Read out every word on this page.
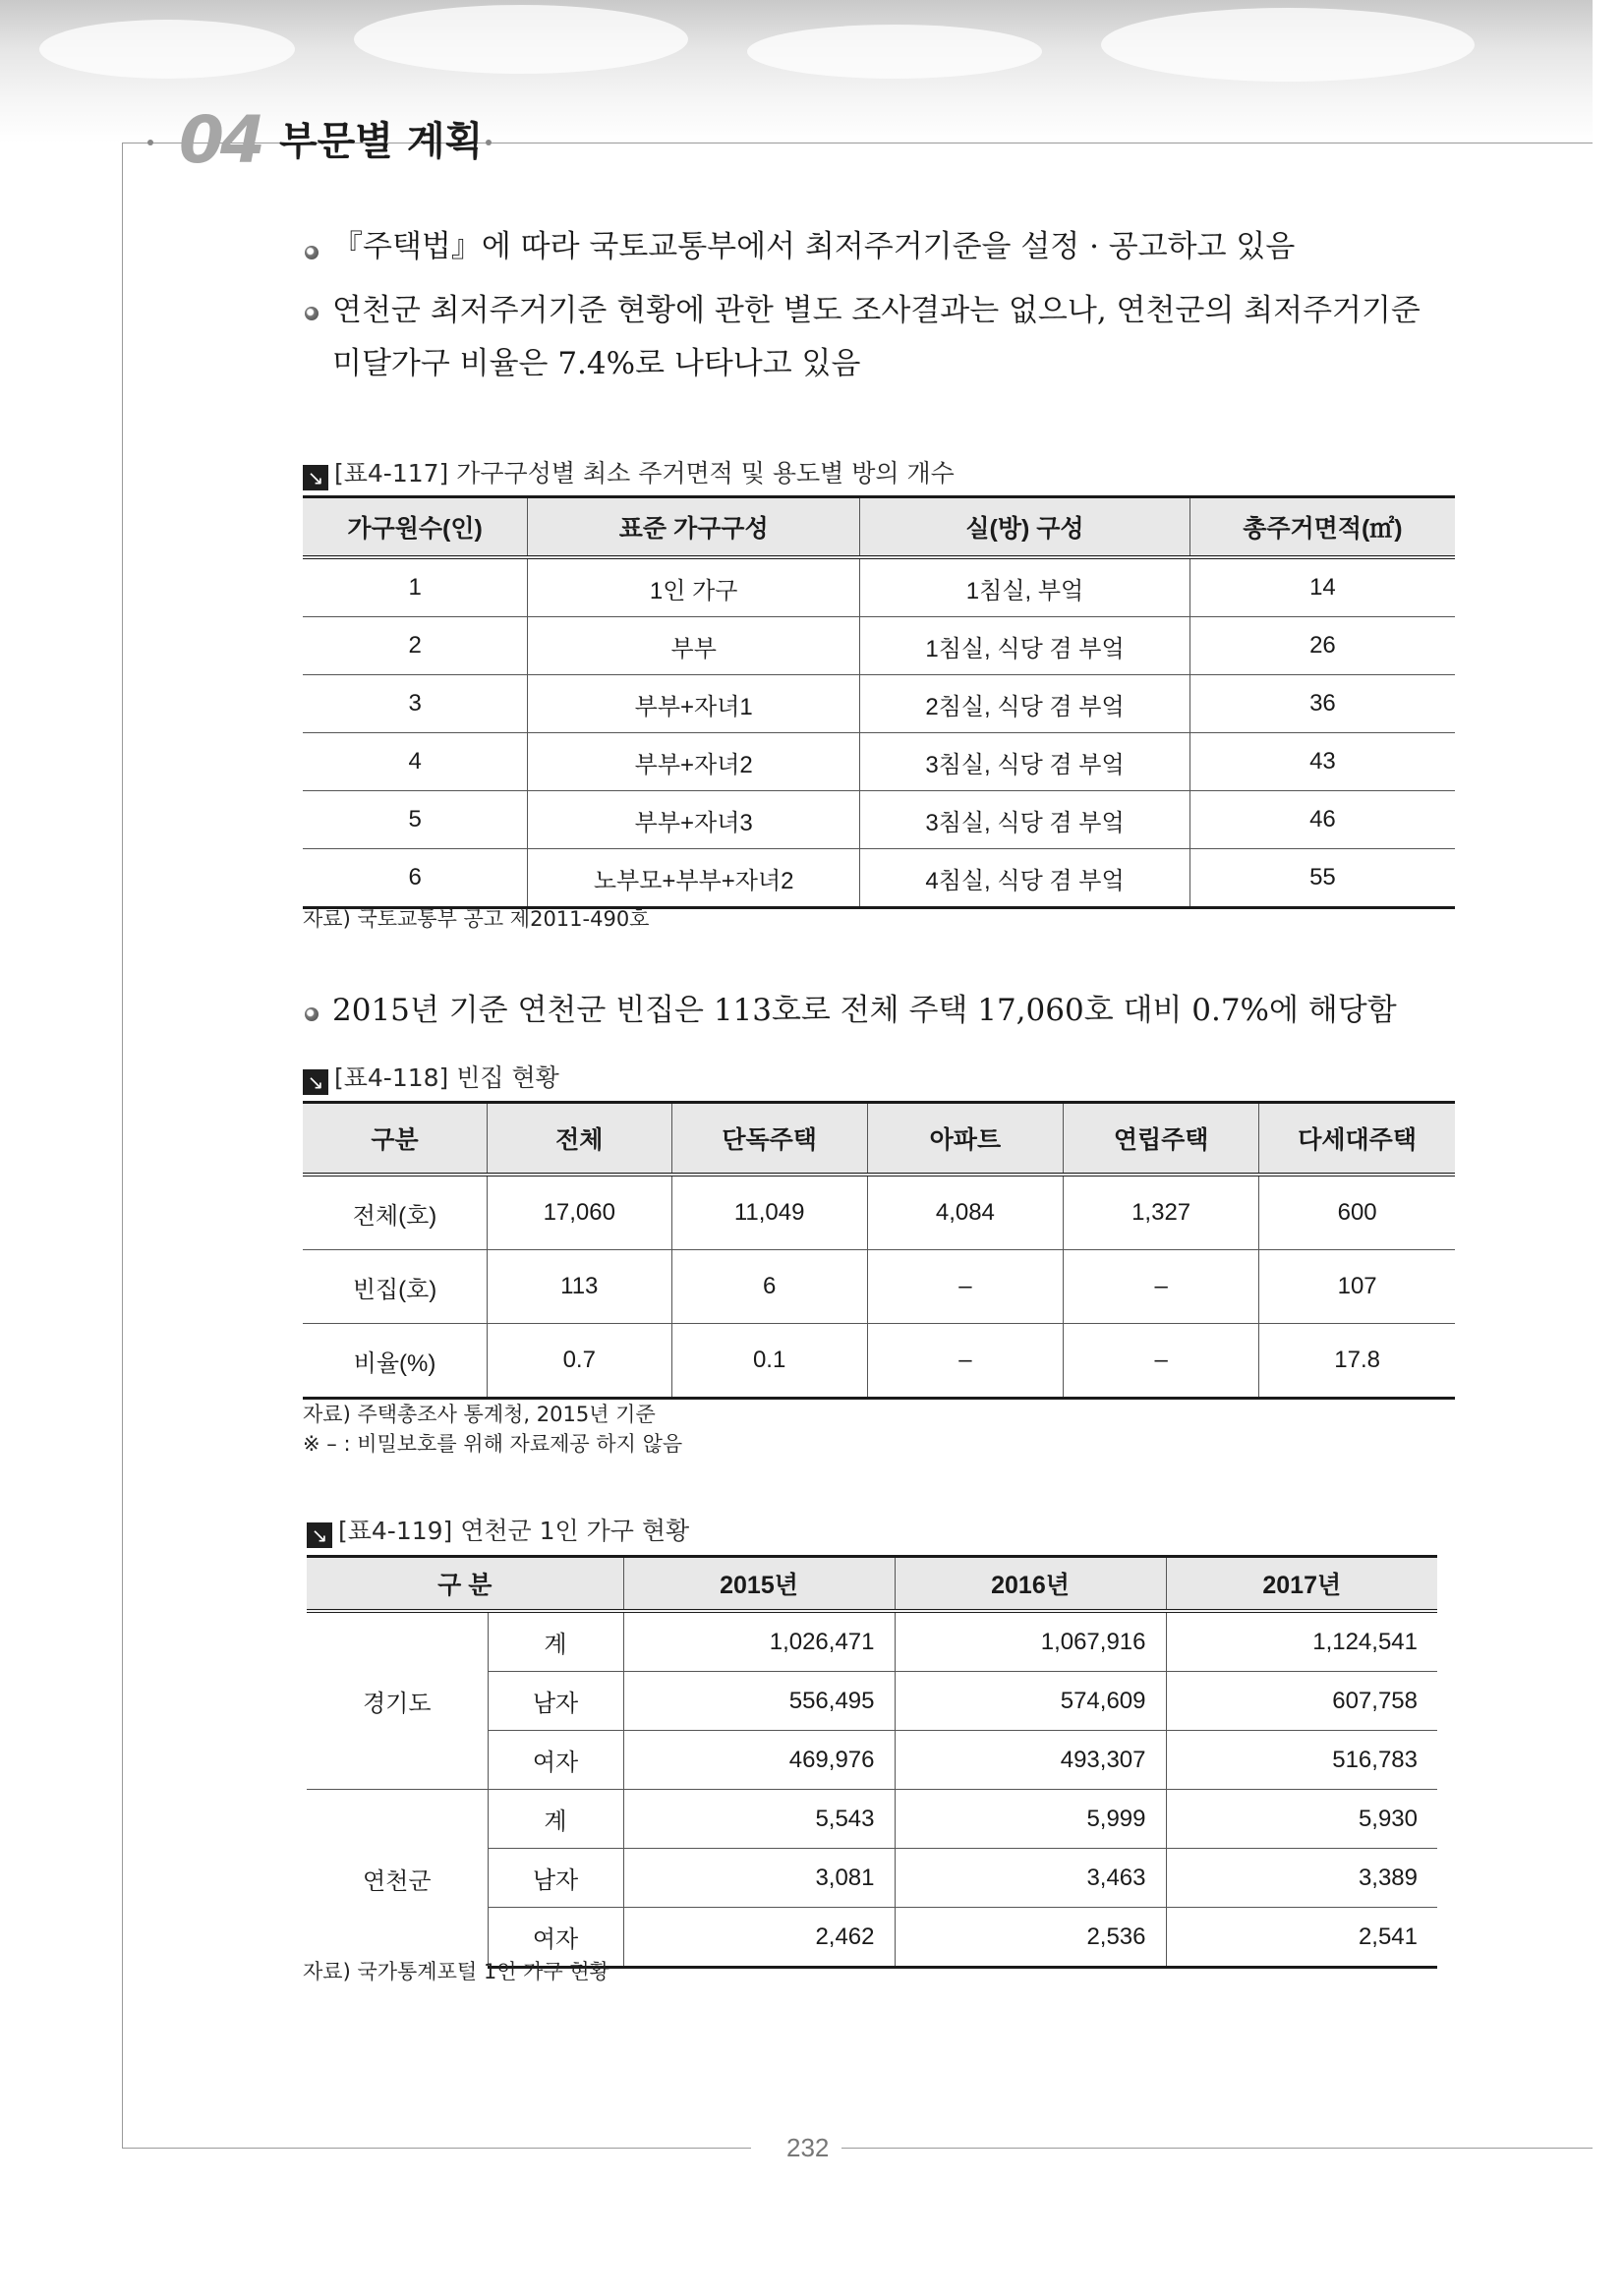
04 부문별 계획
『주택법』에 따라 국토교통부에서 최저주거기준을 설정 · 공고하고 있음
연천군 최저주거기준 현황에 관한 별도 조사결과는 없으나, 연천군의 최저주거기준
미달가구 비율은 7.4%로 나타나고 있음
↘ [표4-117] 가구구성별 최소 주거면적 및 용도별 방의 개수
가구원수(인)	표준 가구구성	실(방) 구성	총주거면적(㎡)
1	1인 가구	1침실, 부엌	14
2	부부	1침실, 식당 겸 부엌	26
3	부부+자녀1	2침실, 식당 겸 부엌	36
4	부부+자녀2	3침실, 식당 겸 부엌	43
5	부부+자녀3	3침실, 식당 겸 부엌	46
6	노부모+부부+자녀2	4침실, 식당 겸 부엌	55
자료) 국토교통부 공고 제2011-490호
2015년 기준 연천군 빈집은 113호로 전체 주택 17,060호 대비 0.7%에 해당함
↘ [표4-118] 빈집 현황
구분	전체	단독주택	아파트	연립주택	다세대주택
전체(호)	17,060	11,049	4,084	1,327	600
빈집(호)	113	6	–	–	107
비율(%)	0.7	0.1	–	–	17.8
자료) 주택총조사 통계청, 2015년 기준
※ – : 비밀보호를 위해 자료제공 하지 않음
↘ [표4-119] 연천군 1인 가구 현황
구 분		2015년	2016년	2017년
경기도	계	1,026,471	1,067,916	1,124,541
	남자	556,495	574,609	607,758
	여자	469,976	493,307	516,783
연천군	계	5,543	5,999	5,930
	남자	3,081	3,463	3,389
	여자	2,462	2,536	2,541
자료) 국가통계포털 1인 가구 현황
232
